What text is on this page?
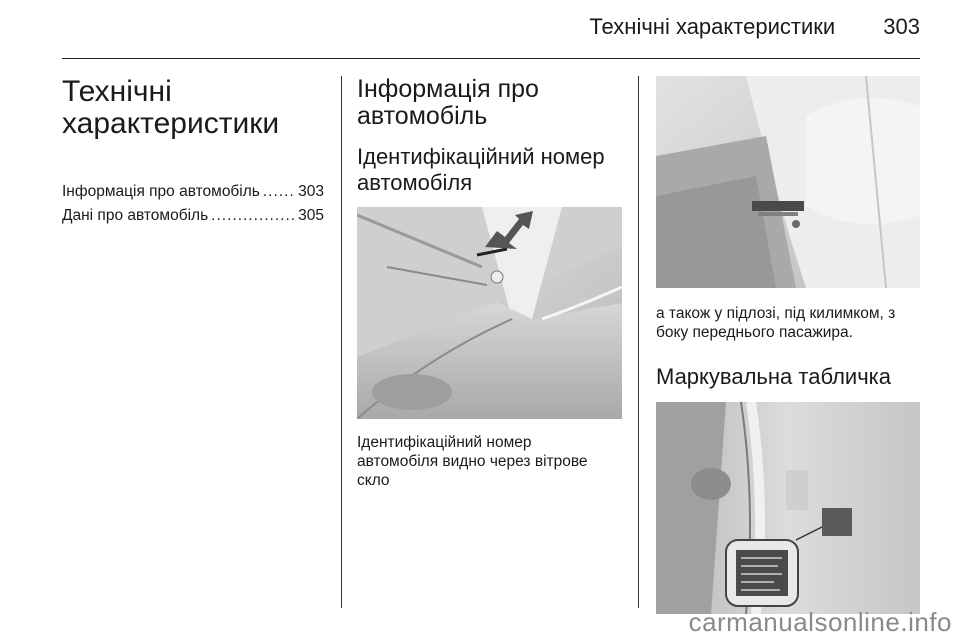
Технічні характеристики 303
Технічні
характеристики
Інформація про автомобіль ..... 303
Дані про автомобіль .....	305
Інформація про
автомобіль
Ідентифікаційний номер
автомобіля
Ідентифікаційний номер
автомобіля видно через вітрове
скло
а також у підлозі, під килимком, з
боку переднього пасажира.
Маркувальна табличка
carmanualsonline.info
